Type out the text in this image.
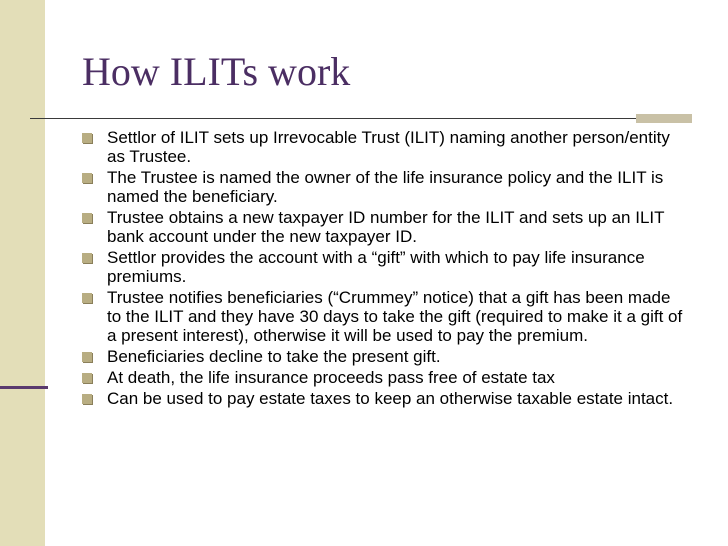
How ILITs work
Settlor of ILIT sets up Irrevocable Trust (ILIT) naming another person/entity as Trustee.
The Trustee is named the owner of the life insurance policy and the ILIT is named the beneficiary.
Trustee obtains a new taxpayer ID number for the ILIT and sets up an ILIT bank account under the new taxpayer ID.
Settlor provides the account with a “gift” with which to pay life insurance premiums.
Trustee notifies beneficiaries (“Crummey” notice) that a gift has been made to the ILIT and they have 30 days to take the gift (required to make it a gift of a present interest), otherwise it will be used to pay the premium.
Beneficiaries decline to take the present gift.
At death, the life insurance proceeds pass free of estate tax
Can be used to pay estate taxes to keep an otherwise taxable estate intact.
